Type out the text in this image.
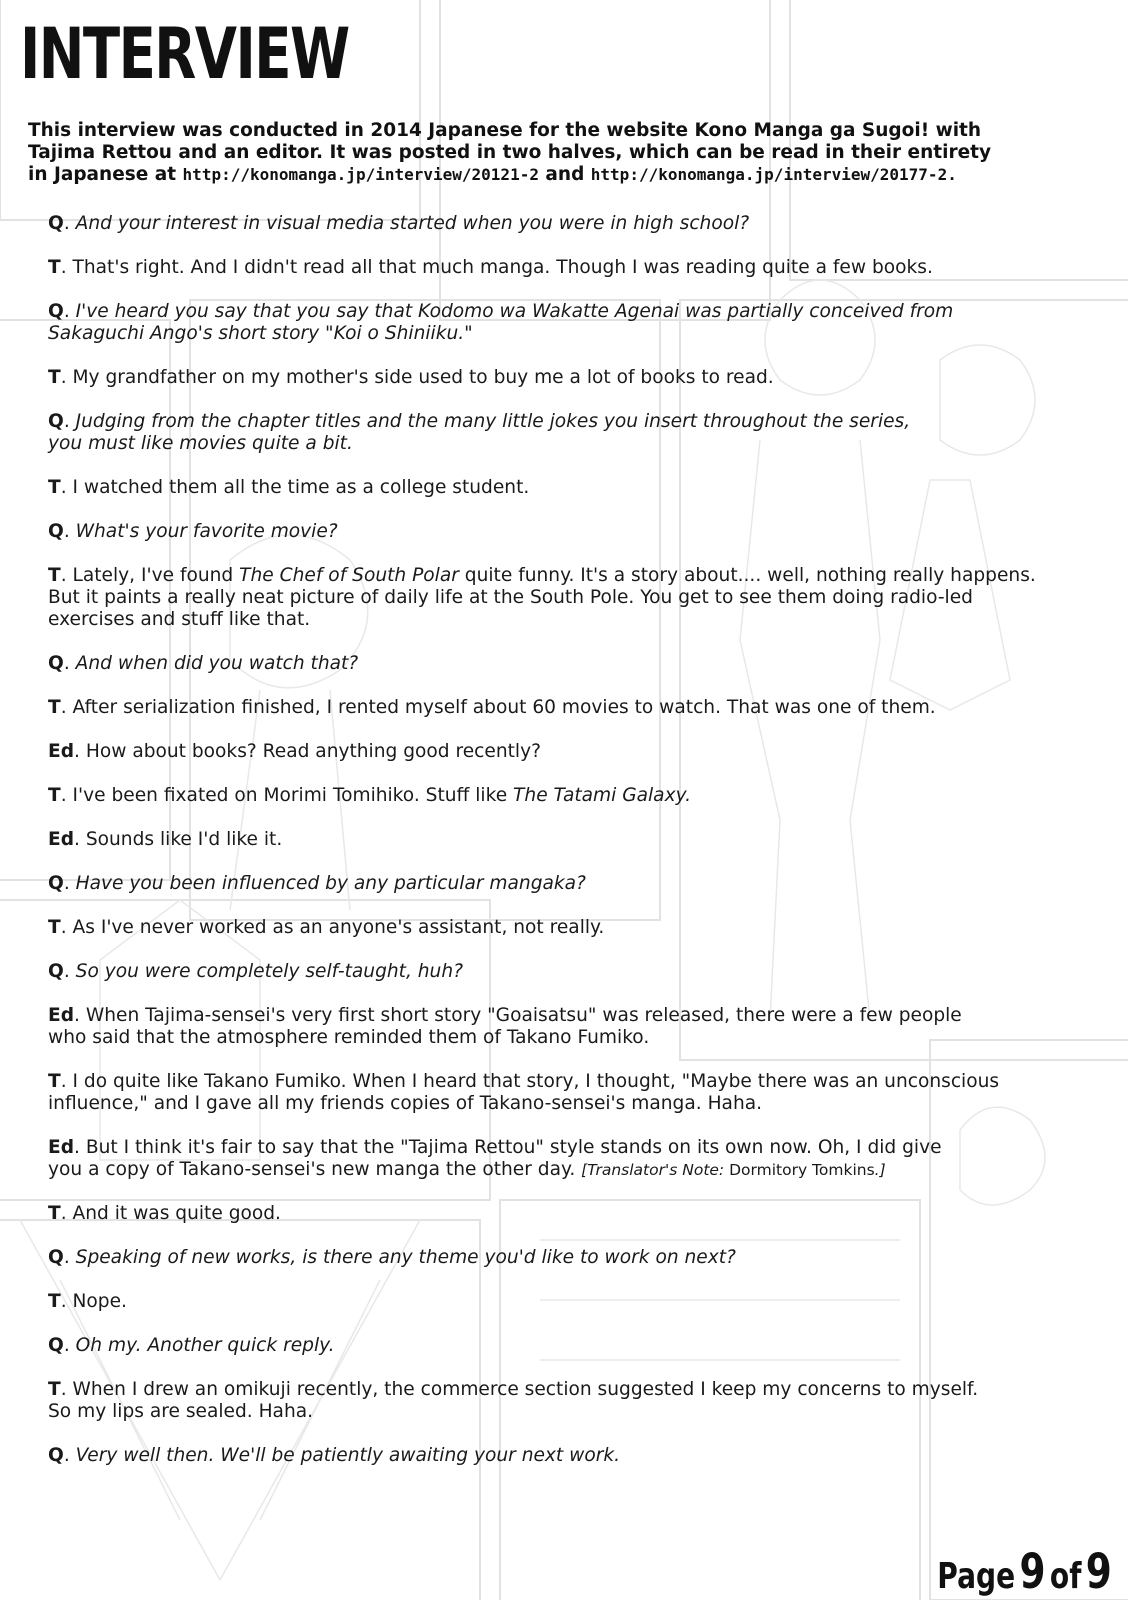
INTERVIEW
This interview was conducted in 2014 Japanese for the website Kono Manga ga Sugoi! with
Tajima Rettou and an editor. It was posted in two halves, which can be read in their entirety
in Japanese at http://konomanga.jp/interview/20121-2 and http://konomanga.jp/interview/20177-2.
Q. And your interest in visual media started when you were in high school?
T. That's right. And I didn't read all that much manga. Though I was reading quite a few books.
Q. I've heard you say that you say that Kodomo wa Wakatte Agenai was partially conceived from
Sakaguchi Ango's short story "Koi o Shiniiku."
T. My grandfather on my mother's side used to buy me a lot of books to read.
Q. Judging from the chapter titles and the many little jokes you insert throughout the series,
you must like movies quite a bit.
T. I watched them all the time as a college student.
Q. What's your favorite movie?
T. Lately, I've found The Chef of South Polar quite funny. It's a story about.... well, nothing really happens.
But it paints a really neat picture of daily life at the South Pole. You get to see them doing radio-led
exercises and stuff like that.
Q. And when did you watch that?
T. After serialization finished, I rented myself about 60 movies to watch. That was one of them.
Ed. How about books? Read anything good recently?
T. I've been fixated on Morimi Tomihiko. Stuff like The Tatami Galaxy.
Ed. Sounds like I'd like it.
Q. Have you been influenced by any particular mangaka?
T. As I've never worked as an anyone's assistant, not really.
Q. So you were completely self-taught, huh?
Ed. When Tajima-sensei's very first short story "Goaisatsu" was released, there were a few people
who said that the atmosphere reminded them of Takano Fumiko.
T. I do quite like Takano Fumiko. When I heard that story, I thought, "Maybe there was an unconscious
influence," and I gave all my friends copies of Takano-sensei's manga. Haha.
Ed. But I think it's fair to say that the "Tajima Rettou" style stands on its own now. Oh, I did give
you a copy of Takano-sensei's new manga the other day. [Translator's Note: Dormitory Tomkins.]
T. And it was quite good.
Q. Speaking of new works, is there any theme you'd like to work on next?
T. Nope.
Q. Oh my. Another quick reply.
T. When I drew an omikuji recently, the commerce section suggested I keep my concerns to myself.
So my lips are sealed. Haha.
Q. Very well then. We'll be patiently awaiting your next work.
Page 9 of 9
